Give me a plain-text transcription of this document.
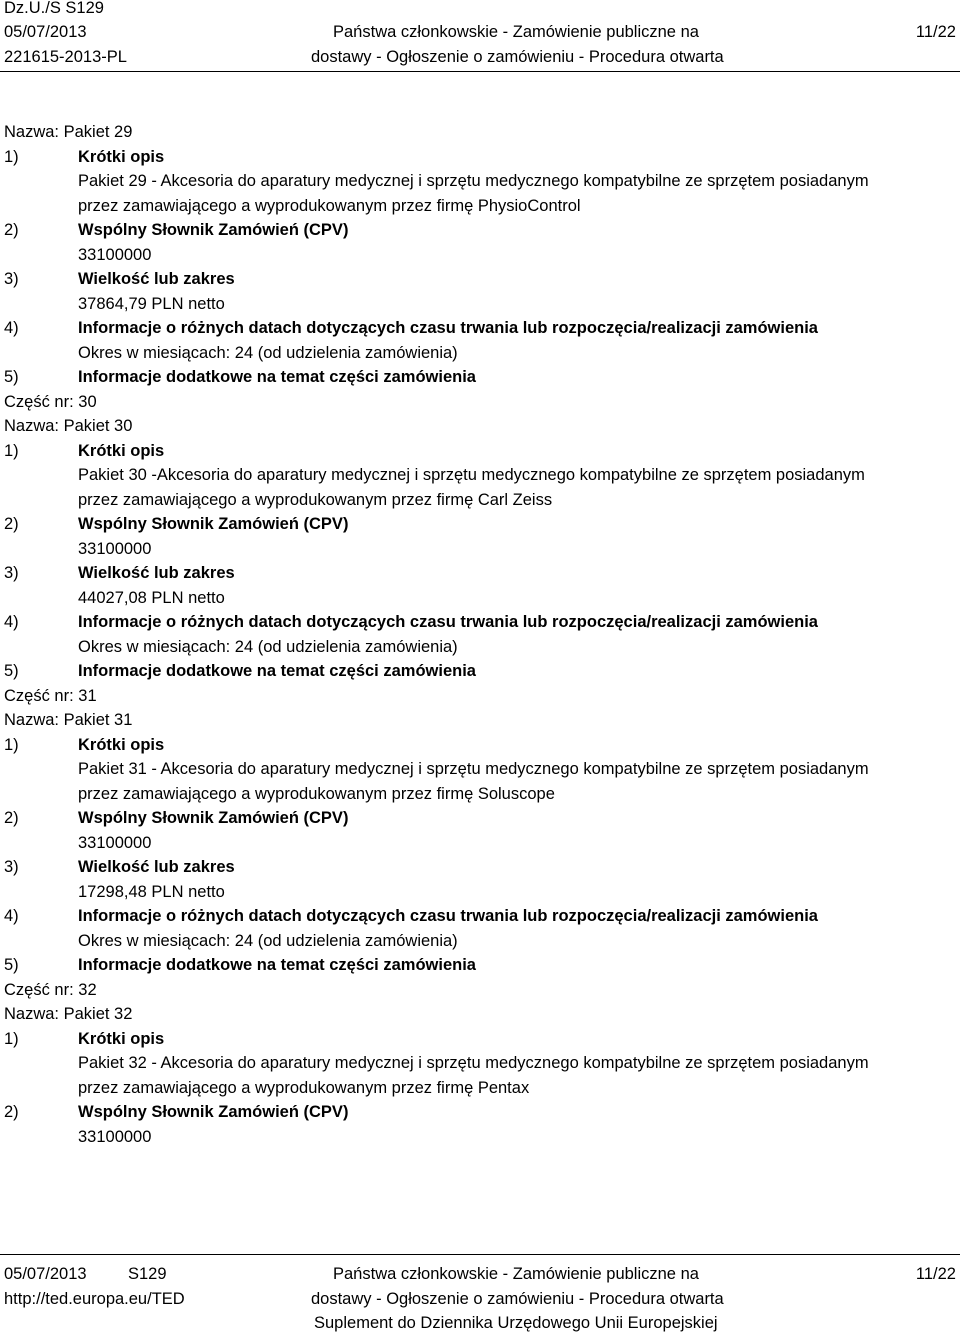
Dz.U./S S129
05/07/2013
221615-2013-PL
Państwa członkowskie - Zamówienie publiczne na
dostawy - Ogłoszenie o zamówieniu - Procedura otwarta
11/22
Nazwa: Pakiet 29
1)	Krótki opis
Pakiet 29 - Akcesoria do aparatury medycznej i sprzętu medycznego kompatybilne ze sprzętem posiadanym
przez zamawiającego a wyprodukowanym przez firmę PhysioControl
2)	Wspólny Słownik Zamówień (CPV)
33100000
3)	Wielkość lub zakres
37864,79 PLN netto
4)	Informacje o różnych datach dotyczących czasu trwania lub rozpoczęcia/realizacji zamówienia
Okres w miesiącach: 24 (od udzielenia zamówienia)
5)	Informacje dodatkowe na temat części zamówienia
Część nr: 30
Nazwa: Pakiet 30
1)	Krótki opis
Pakiet 30 -Akcesoria do aparatury medycznej i sprzętu medycznego kompatybilne ze sprzętem posiadanym
przez zamawiającego a wyprodukowanym przez firmę Carl Zeiss
2)	Wspólny Słownik Zamówień (CPV)
33100000
3)	Wielkość lub zakres
44027,08 PLN netto
4)	Informacje o różnych datach dotyczących czasu trwania lub rozpoczęcia/realizacji zamówienia
Okres w miesiącach: 24 (od udzielenia zamówienia)
5)	Informacje dodatkowe na temat części zamówienia
Część nr: 31
Nazwa: Pakiet 31
1)	Krótki opis
Pakiet 31 - Akcesoria do aparatury medycznej i sprzętu medycznego kompatybilne ze sprzętem posiadanym
przez zamawiającego a wyprodukowanym przez firmę Soluscope
2)	Wspólny Słownik Zamówień (CPV)
33100000
3)	Wielkość lub zakres
17298,48 PLN netto
4)	Informacje o różnych datach dotyczących czasu trwania lub rozpoczęcia/realizacji zamówienia
Okres w miesiącach: 24 (od udzielenia zamówienia)
5)	Informacje dodatkowe na temat części zamówienia
Część nr: 32
Nazwa: Pakiet 32
1)	Krótki opis
Pakiet 32 - Akcesoria do aparatury medycznej i sprzętu medycznego kompatybilne ze sprzętem posiadanym
przez zamawiającego a wyprodukowanym przez firmę Pentax
2)	Wspólny Słownik Zamówień (CPV)
33100000
05/07/2013	S129
http://ted.europa.eu/TED
Państwa członkowskie - Zamówienie publiczne na
dostawy - Ogłoszenie o zamówieniu - Procedura otwarta
Suplement do Dziennika Urzędowego Unii Europejskiej
11/22
